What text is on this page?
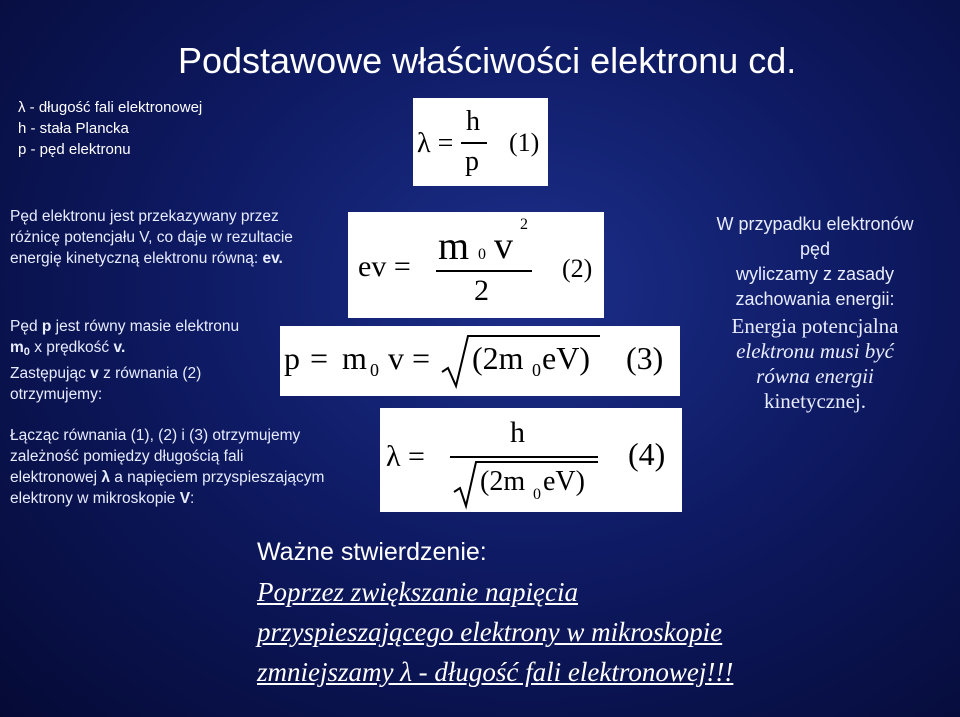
Podstawowe właściwości elektronu cd.
λ - długość fali elektronowej
h - stała Plancka
p - pęd elektronu
Pęd elektronu jest przekazywany przez
różnicę potencjału V, co daje w rezultacie
energię kinetyczną elektronu równą: ev.
Pęd p jest równy masie elektronu
m0 x prędkość v.
Zastępując v z równania (2)
otrzymujemy:
Łącząc równania (1), (2) i (3) otrzymujemy
zależność pomiędzy długością fali
elektronowej λ a napięciem przyspieszającym
elektrony w mikroskopie V:
λ =
h
p
(1)
ev = m 0 v
2
2
(2)
p = m 0 v = (2m 0 eV) (3)
λ =
h
(2m 0 eV)
(4)
W przypadku elektronów
pęd
wyliczamy z zasady
zachowania energii:
Energia potencjalna
elektronu musi być
równa energii
kinetycznej.
Ważne stwierdzenie:
Poprzez zwiększanie napięcia
przyspieszającego elektrony w mikroskopie
zmniejszamy λ - długość fali elektronowej!!!
